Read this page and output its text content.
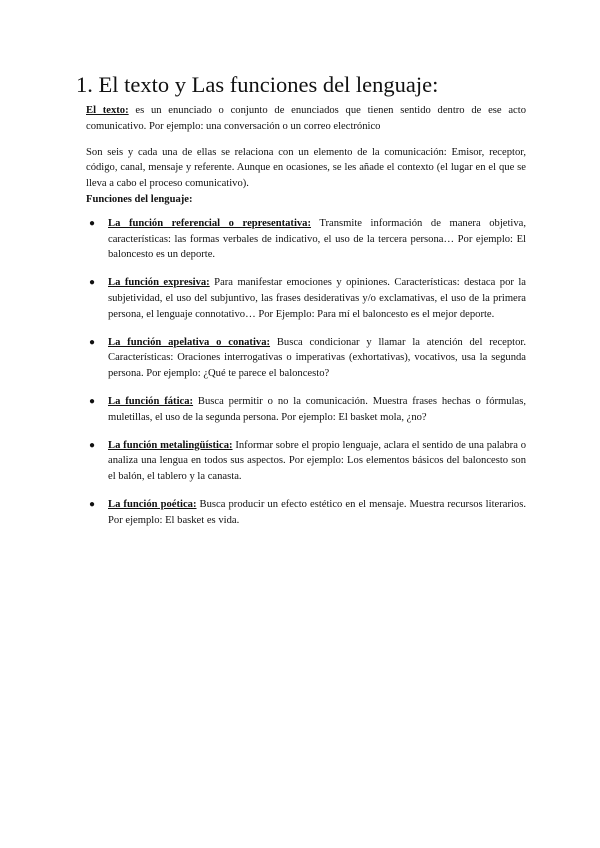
1. El texto y Las funciones del lenguaje:

El texto: es un enunciado o conjunto de enunciados que tienen sentido dentro de ese acto comunicativo. Por ejemplo: una conversación o un correo electrónico

Son seis y cada una de ellas se relaciona con un elemento de la comunicación: Emisor, receptor, código, canal, mensaje y referente. Aunque en ocasiones, se les añade el contexto (el lugar en el que se lleva a cabo el proceso comunicativo).

Funciones del lenguaje:

● La función referencial o representativa: Transmite información de manera objetiva, características: las formas verbales de indicativo, el uso de la tercera persona… Por ejemplo: El baloncesto es un deporte.
● La función expresiva: Para manifestar emociones y opiniones. Características: destaca por la subjetividad, el uso del subjuntivo, las frases desiderativas y/o exclamativas, el uso de la primera persona, el lenguaje connotativo… Por Ejemplo: Para mí el baloncesto es el mejor deporte.
● La función apelativa o conativa: Busca condicionar y llamar la atención del receptor. Características: Oraciones interrogativas o imperativas (exhortativas), vocativos, usa la segunda persona. Por ejemplo: ¿Qué te parece el baloncesto?
● La función fática: Busca permitir o no la comunicación. Muestra frases hechas o fórmulas, muletillas, el uso de la segunda persona. Por ejemplo: El basket mola, ¿no?
● La función metalingüística: Informar sobre el propio lenguaje, aclara el sentido de una palabra o analiza una lengua en todos sus aspectos. Por ejemplo: Los elementos básicos del baloncesto son el balón, el tablero y la canasta.
● La función poética: Busca producir un efecto estético en el mensaje. Muestra recursos literarios. Por ejemplo: El basket es vida.
